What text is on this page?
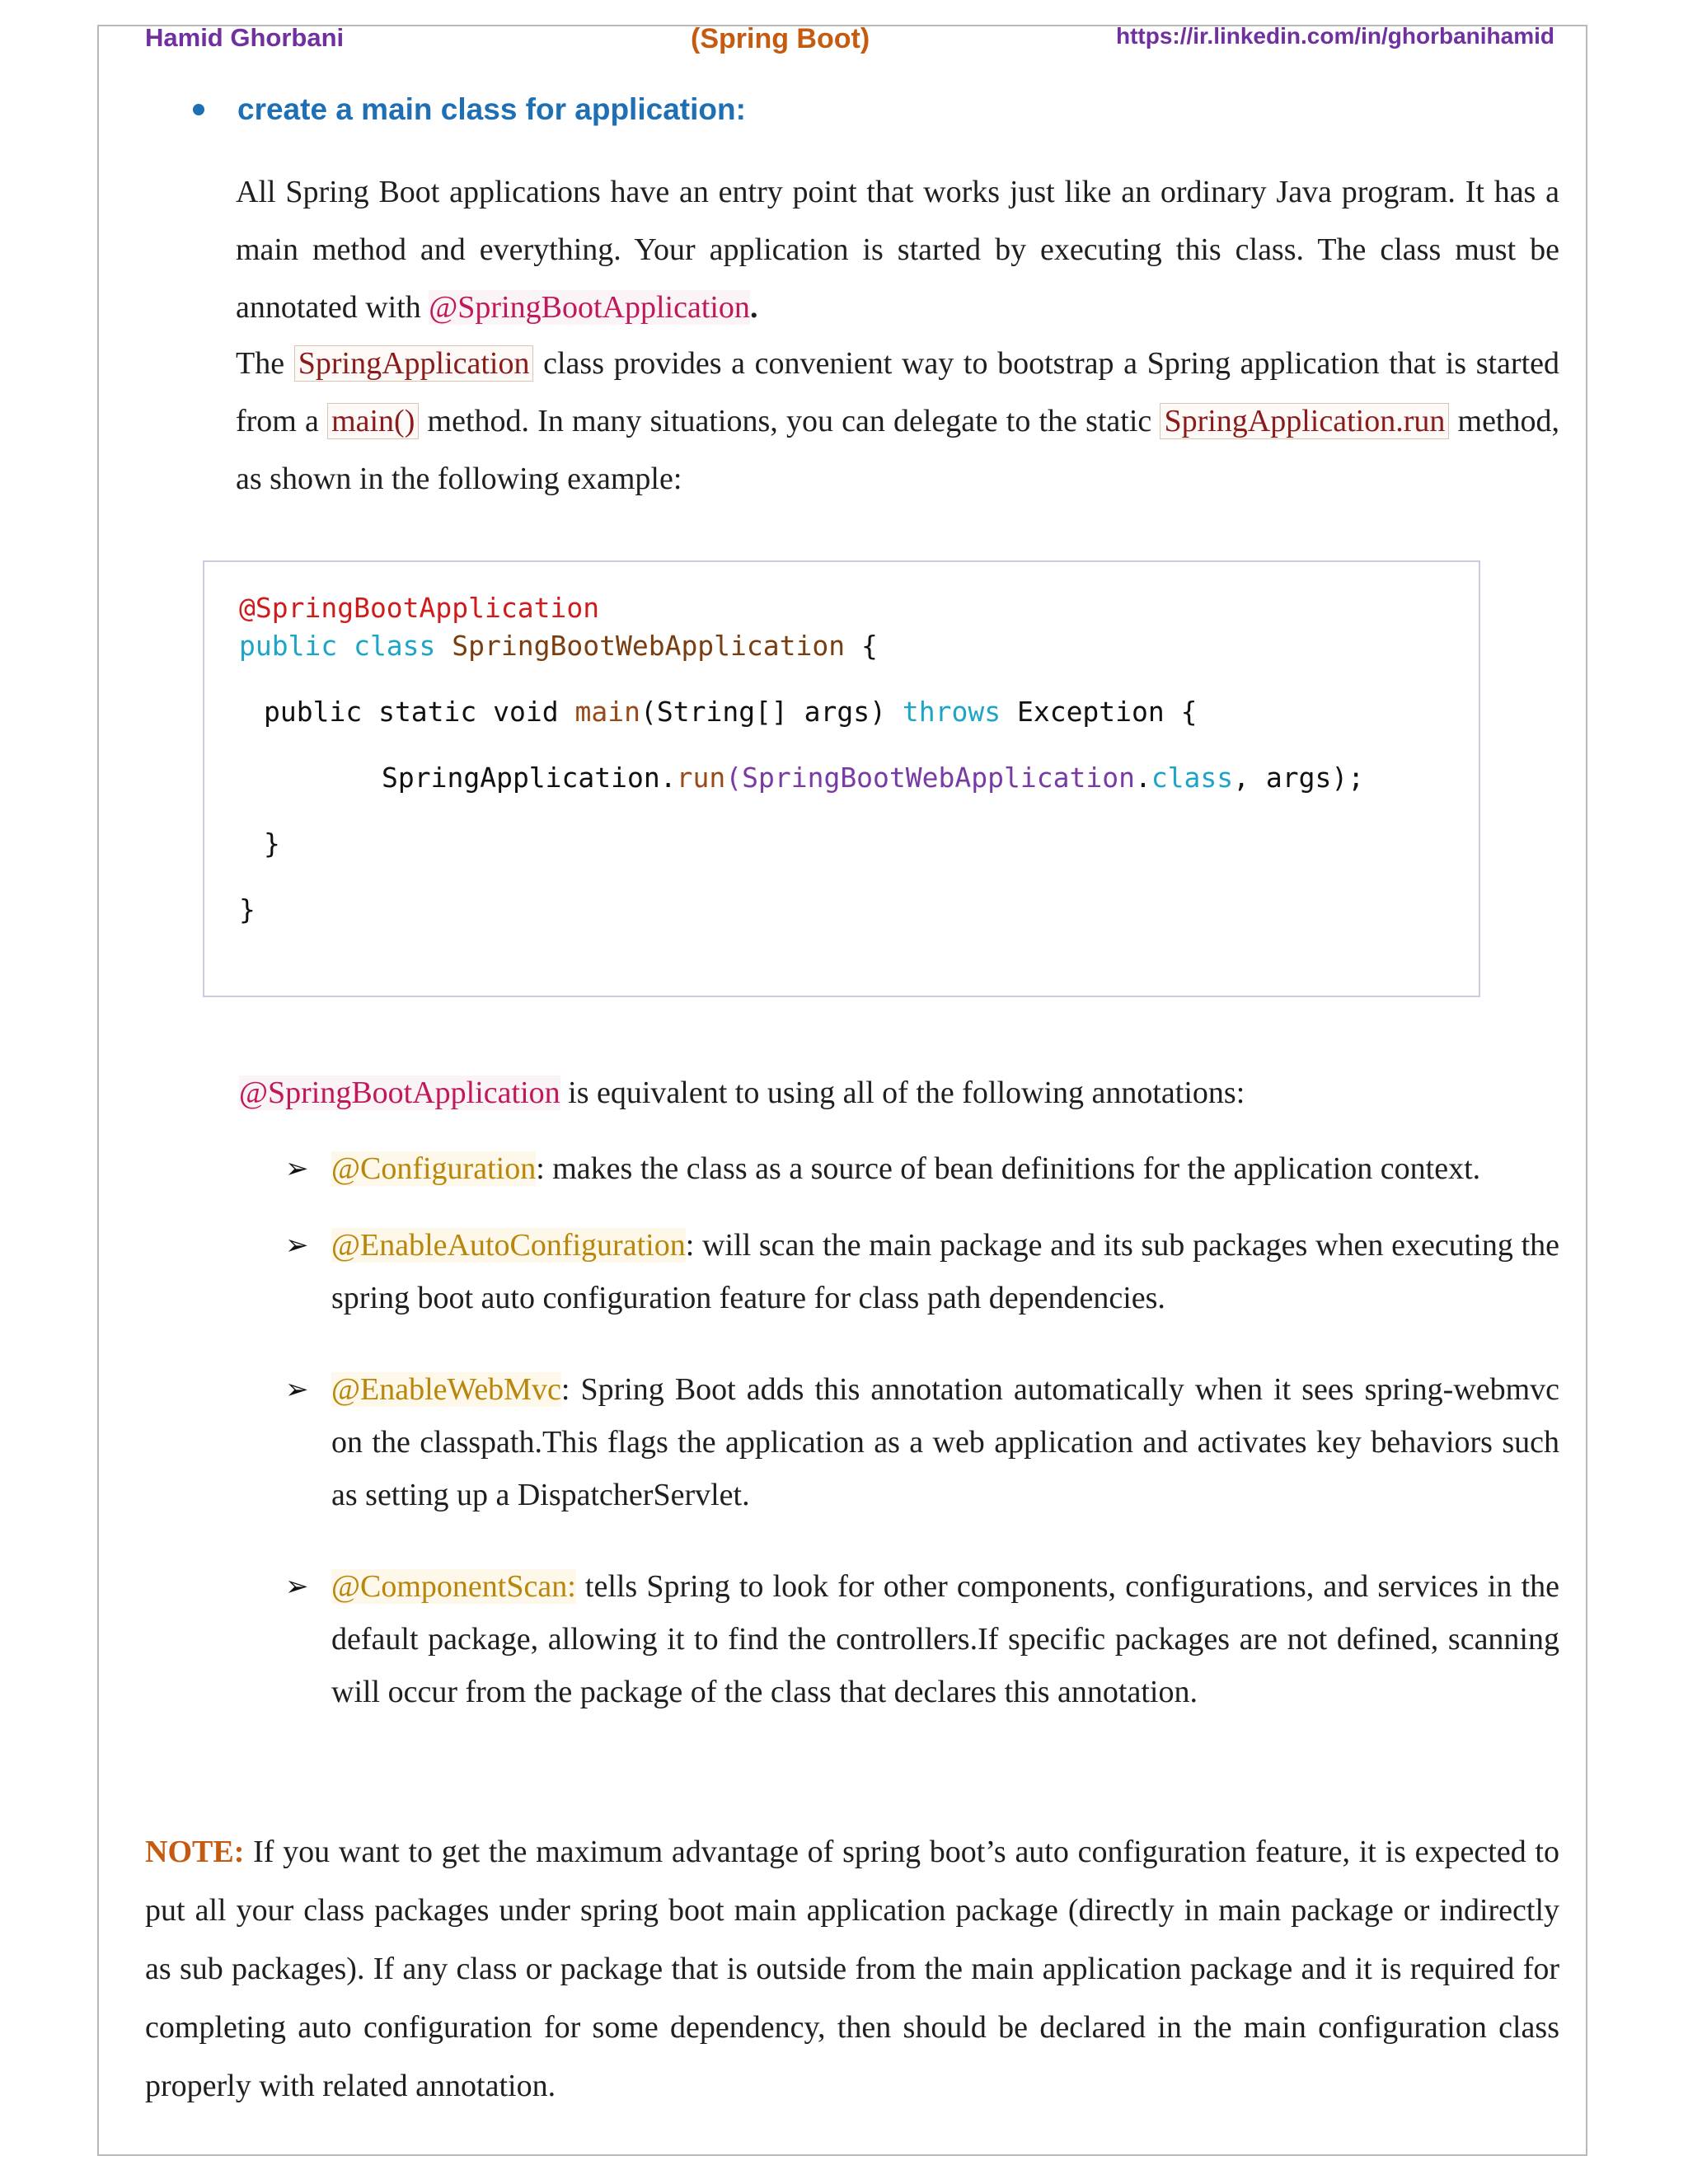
Hamid Ghorbani	(Spring Boot)	https://ir.linkedin.com/in/ghorbanihamid
create a main class for application:

All Spring Boot applications have an entry point that works just like an ordinary Java program. It has a main method and everything. Your application is started by executing this class. The class must be annotated with @SpringBootApplication.

The SpringApplication class provides a convenient way to bootstrap a Spring application that is started from a main() method. In many situations, you can delegate to the static SpringApplication.run method, as shown in the following example:

@SpringBootApplication
public class SpringBootWebApplication {
public static void main(String[] args) throws Exception {
SpringApplication.run(SpringBootWebApplication.class, args);
}
}
@SpringBootApplication is equivalent to using all of the following annotations:
➢ @Configuration: makes the class as a source of bean definitions for the application context.
➢ @EnableAutoConfiguration: will scan the main package and its sub packages when executing the spring boot auto configuration feature for class path dependencies.
➢ @EnableWebMvc: Spring Boot adds this annotation automatically when it sees spring-webmvc on the classpath.This flags the application as a web application and activates key behaviors such as setting up a DispatcherServlet.
➢ @ComponentScan: tells Spring to look for other components, configurations, and services in the default package, allowing it to find the controllers.If specific packages are not defined, scanning will occur from the package of the class that declares this annotation.
NOTE: If you want to get the maximum advantage of spring boot’s auto configuration feature, it is expected to put all your class packages under spring boot main application package (directly in main package or indirectly as sub packages). If any class or package that is outside from the main application package and it is required for completing auto configuration for some dependency, then should be declared in the main configuration class properly with related annotation.
